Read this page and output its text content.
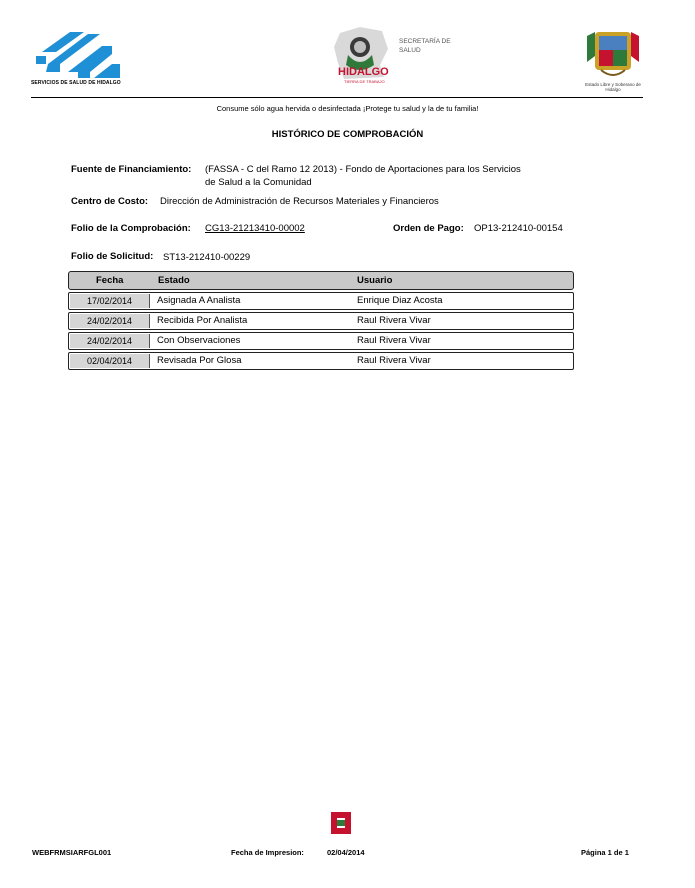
SERVICIOS DE SALUD DE HIDALGO
HIDALGO
TIERRA DE TRABAJO
SECRETARÍA DE SALUD
Estado Libre y Soberano de Hidalgo
Consume sólo agua hervida o desinfectada ¡Protege tu salud y la de tu familia!
HISTÓRICO DE COMPROBACIÓN
Fuente de Financiamiento: (FASSA - C del Ramo 12 2013) - Fondo de Aportaciones para los Servicios
de Salud a la Comunidad
Centro de Costo: Dirección de Administración de Recursos Materiales y Financieros
Folio de la Comprobación: CG13-21213410-00002	Orden de Pago: OP13-212410-00154
Folio de Solicitud: ST13-212410-00229
Fecha	Estado	Usuario
17/02/2014	Asignada A Analista	Enrique Diaz Acosta
24/02/2014	Recibida Por Analista	Raul Rivera Vivar
24/02/2014	Con Observaciones	Raul Rivera Vivar
02/04/2014	Revisada Por Glosa	Raul Rivera Vivar
WEBFRMSIARFGL001	Fecha de Impresion:	02/04/2014	Página 1 de 1
